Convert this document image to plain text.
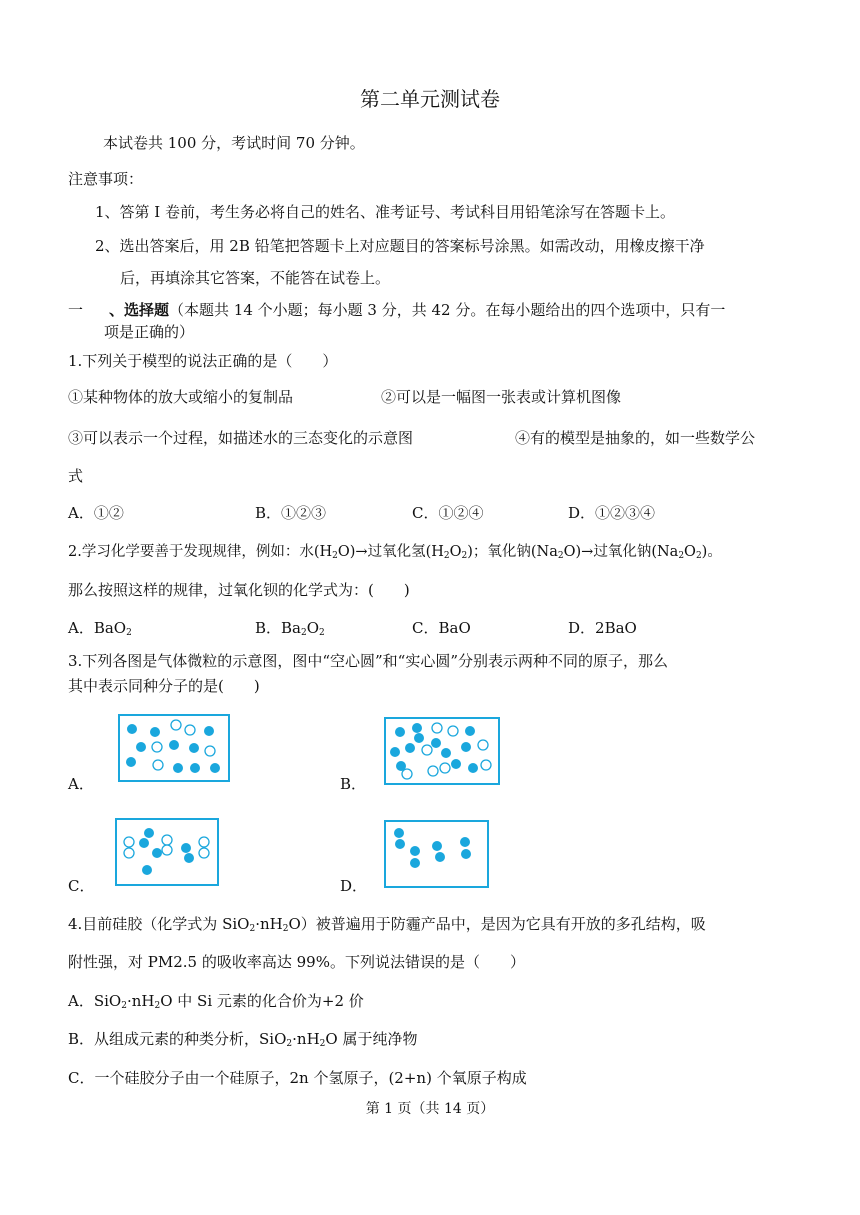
第二单元测试卷
本试卷共 100 分，考试时间 70 分钟。
注意事项：
1、答第 I 卷前，考生务必将自己的姓名、准考证号、考试科目用铅笔涂写在答题卡上。
2、选出答案后，用 2B 铅笔把答题卡上对应题目的答案标号涂黑。如需改动，用橡皮擦干净
后，再填涂其它答案，不能答在试卷上。
一 、选择题（本题共 14 个小题；每小题 3 分，共 42 分。在每小题给出的四个选项中，只有一
项是正确的）
1.下列关于模型的说法正确的是（　　）
①某种物体的放大或缩小的复制品	②可以是一幅图一张表或计算机图像
③可以表示一个过程，如描述水的三态变化的示意图	④有的模型是抽象的，如一些数学公
式
A．①②	B．①②③	C．①②④	D．①②③④
2.学习化学要善于发现规律，例如：水$(H_2O)\to$过氧化氢$(H_2O_2)$；氧化钠$(Na_2O)\to$过氧化钠$(Na_2O_2)$。
那么按照这样的规律，过氧化钡的化学式为：(　　)
A．BaO$_2$	B．$Ba_2O_2$	C．BaO	D．2BaO
3.下列各图是气体微粒的示意图，图中“空心圆”和“实心圆”分别表示两种不同的原子，那么
其中表示同种分子的是(　　)
A．	B．
C．	D．
4.目前硅胶（化学式为 $SiO_2\cdot nH_2O$）被普遍用于防霾产品中，是因为它具有开放的多孔结构，吸
附性强，对 PM2.5 的吸收率高达 99%。下列说法错误的是（　　）
A．$SiO_2\cdot nH_2O$ 中 Si 元素的化合价为+2 价
B．从组成元素的种类分析，$SiO_2\cdot nH_2O$ 属于纯净物
C．一个硅胶分子由一个硅原子，2n 个氢原子，(2+n) 个氧原子构成
第 1 页（共 14 页）
